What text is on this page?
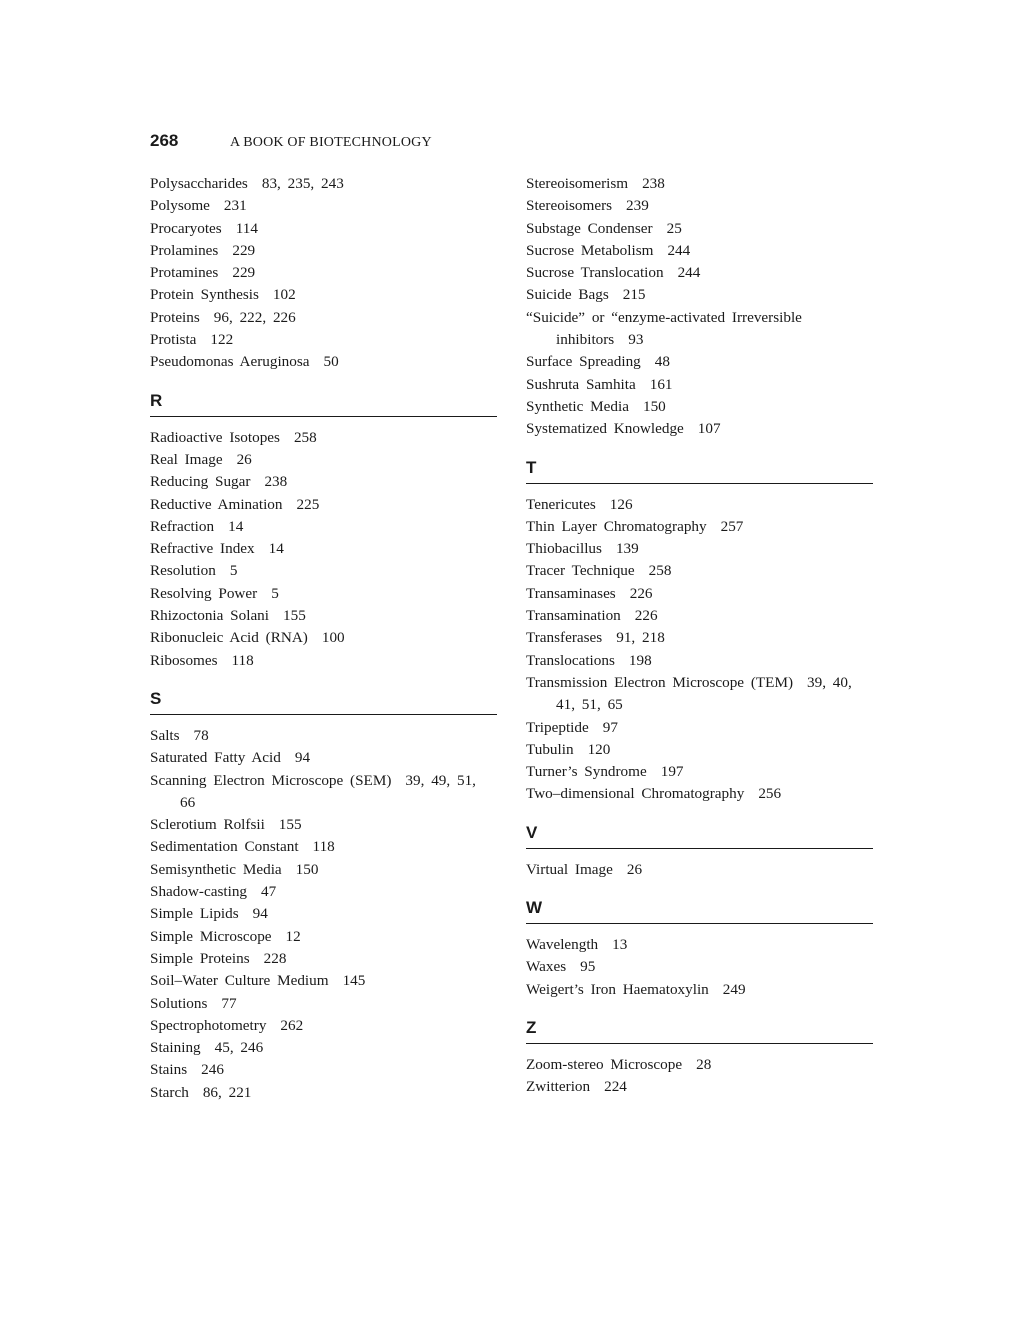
268	A BOOK OF BIOTECHNOLOGY
Polysaccharides 83, 235, 243
Polysome 231
Procaryotes 114
Prolamines 229
Protamines 229
Protein Synthesis 102
Proteins 96, 222, 226
Protista 122
Pseudomonas Aeruginosa 50
R
Radioactive Isotopes 258
Real Image 26
Reducing Sugar 238
Reductive Amination 225
Refraction 14
Refractive Index 14
Resolution 5
Resolving Power 5
Rhizoctonia Solani 155
Ribonucleic Acid (RNA) 100
Ribosomes 118
S
Salts 78
Saturated Fatty Acid 94
Scanning Electron Microscope (SEM) 39, 49, 51, 66
Sclerotium Rolfsii 155
Sedimentation Constant 118
Semisynthetic Media 150
Shadow-casting 47
Simple Lipids 94
Simple Microscope 12
Simple Proteins 228
Soil–Water Culture Medium 145
Solutions 77
Spectrophotometry 262
Staining 45, 246
Stains 246
Starch 86, 221
Stereoisomerism 238
Stereoisomers 239
Substage Condenser 25
Sucrose Metabolism 244
Sucrose Translocation 244
Suicide Bags 215
“Suicide” or “enzyme-activated Irreversible inhibitors 93
Surface Spreading 48
Sushruta Samhita 161
Synthetic Media 150
Systematized Knowledge 107
T
Tenericutes 126
Thin Layer Chromatography 257
Thiobacillus 139
Tracer Technique 258
Transaminases 226
Transamination 226
Transferases 91, 218
Translocations 198
Transmission Electron Microscope (TEM) 39, 40, 41, 51, 65
Tripeptide 97
Tubulin 120
Turner’s Syndrome 197
Two–dimensional Chromatography 256
V
Virtual Image 26
W
Wavelength 13
Waxes 95
Weigert’s Iron Haematoxylin 249
Z
Zoom-stereo Microscope 28
Zwitterion 224
